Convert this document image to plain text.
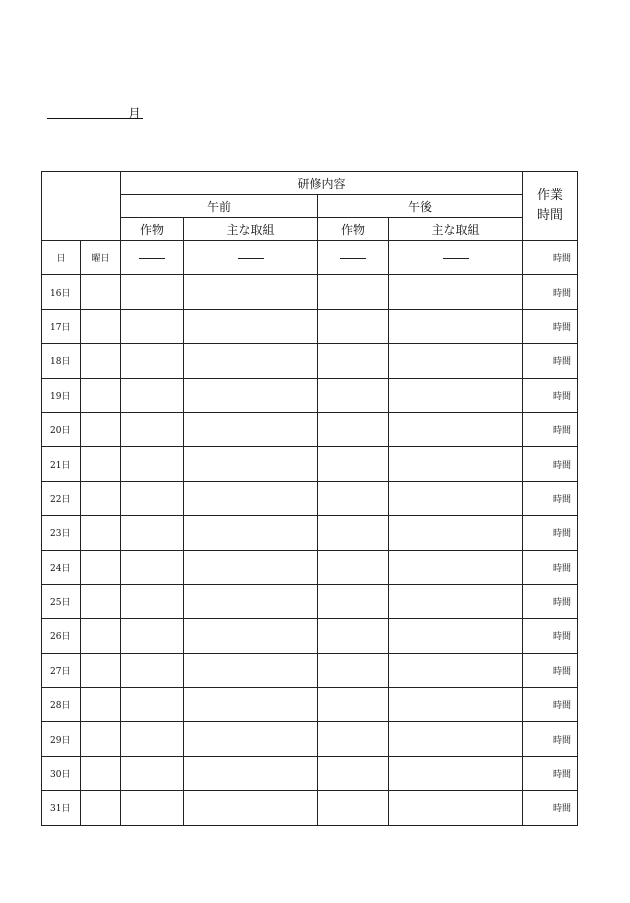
月
		研修内容				作業
時間
		午前		午後		
		作物	主な取組	作物	主な取組	
日	曜日					時間
16日						時間
17日						時間
18日						時間
19日						時間
20日						時間
21日						時間
22日						時間
23日						時間
24日						時間
25日						時間
26日						時間
27日						時間
28日						時間
29日						時間
30日						時間
31日						時間
